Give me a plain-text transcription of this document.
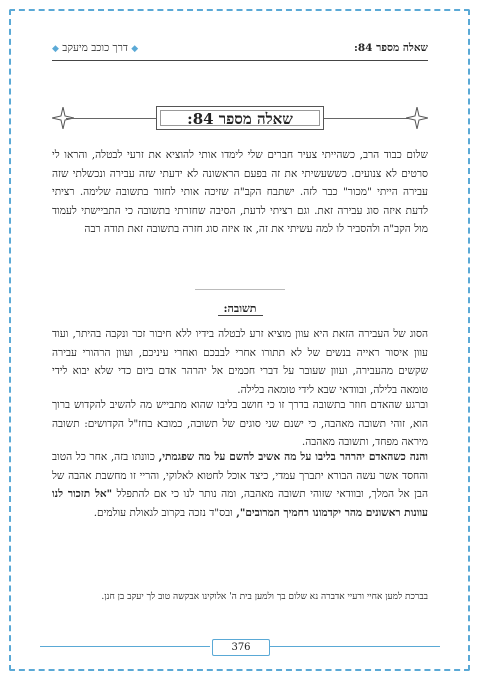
שאלה מספר 84:
◆ דרך כוכב מיעקב ◆
שאלה מספר 84:

שלום כבוד הרב, כשהייתי צעיר חברים שלי לימדו אותי להוציא את זרעי לבטלה, והראו לי סרטים לא צנועים. כששעשיתי את זה בפעם הראשונה לא ידעתי שזה עבירה ונכשלתי שזה עבירה הייתי "מכור" כבר לזה. ישתבח הקב"ה שזיכה אותי לחזור בתשובה שלימה. רציתי לדעת איזה סוג עבירה זאת. וגם רציתי לדעת, הסיבה שחזרתי בתשובה כי התביישתי לעמוד מול הקב"ה ולהסביר לו למה עשיתי את זה, אז איזה סוג חזרה בתשובה זאת תודה רבה

תשובה:

הסוג של העבירה הזאת היא עוון מוציא זרע לבטלה בידיו ללא חיבור זכר ונקבה בהיתר, ועוד עוון איסור ראייה בנשים של לא תתורו אחרי לבבכם ואחרי עיניכם, ועוון הרהורי עבירה שקשים מהעבירה, ועוון שעובר על דברי חכמים אל יהרהר אדם ביום כדי שלא יבוא לידי טומאה בלילה, ובוודאי שבא לידי טומאה בלילה.

וברגע שהאדם חוזר בתשובה בדרך זו כי חושב בליבו שהוא מתבייש מה להשיב להקדוש ברוך הוא, זוהי תשובה מאהבה, כי ישנם שני סוגים של תשובה, כמובא בחז"ל הקדושים: תשובה מיראה מפחד, ותשובה מאהבה.

והנה כשהאדם יהרהר בליבו על מה אשיב להשם על מה שפגמתי, כוונתו בזה, אחר כל הטוב והחסד אשר עשה הבורא יתברך עמדי, כיצד אוכל לחטוא לאלוקי, והריי זו מחשבת אהבה של הבן אל המלך, ובוודאי שזוהי תשובה מאהבה, ומה נותר לנו כי אם להתפלל "אל תזכור לנו עוונות ראשונים מהר יקדמונו רחמיך המרובים", ובס"ד נזכה בקרוב לגאולת עולמים.

בברכת למען אחיי ורעיי אדברה נא שלום בך ולמען בית ה' אלוקינו אבקשה טוב לך יעקב בן חנן.
376
